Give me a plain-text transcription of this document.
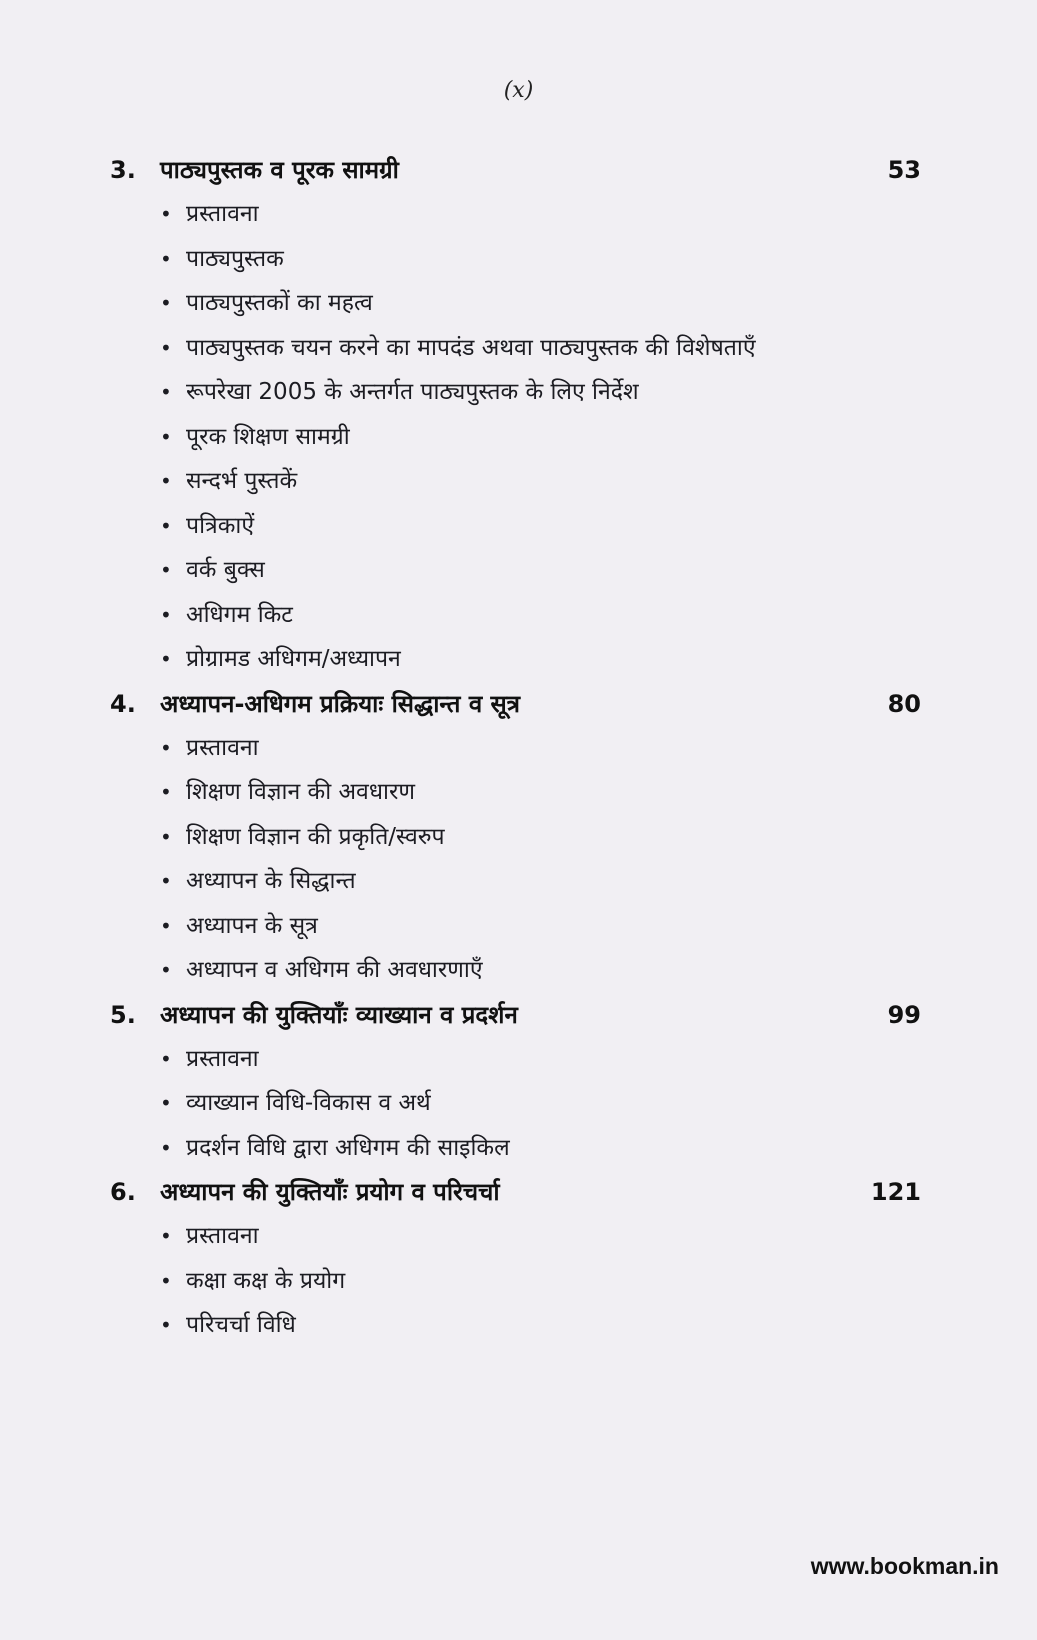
(x)
3. पाठ्यपुस्तक व पूरक सामग्री	53
• प्रस्तावना
• पाठ्यपुस्तक
• पाठ्यपुस्तकों का महत्व
• पाठ्यपुस्तक चयन करने का मापदंड अथवा पाठ्यपुस्तक की विशेषताएँ
• रूपरेखा 2005 के अन्तर्गत पाठ्यपुस्तक के लिए निर्देश
• पूरक शिक्षण सामग्री
• सन्दर्भ पुस्तकें
• पत्रिकाऐं
• वर्क बुक्स
• अधिगम किट
• प्रोग्रामड अधिगम/अध्यापन
4. अध्यापन-अधिगम प्रक्रियाः सिद्धान्त व सूत्र	80
• प्रस्तावना
• शिक्षण विज्ञान की अवधारण
• शिक्षण विज्ञान की प्रकृति/स्वरुप
• अध्यापन के सिद्धान्त
• अध्यापन के सूत्र
• अध्यापन व अधिगम की अवधारणाएँ
5. अध्यापन की युक्तियाँः व्याख्यान व प्रदर्शन	99
• प्रस्तावना
• व्याख्यान विधि-विकास व अर्थ
• प्रदर्शन विधि द्वारा अधिगम की साइकिल
6. अध्यापन की युक्तियाँः प्रयोग व परिचर्चा	121
• प्रस्तावना
• कक्षा कक्ष के प्रयोग
• परिचर्चा विधि
www.bookman.in
